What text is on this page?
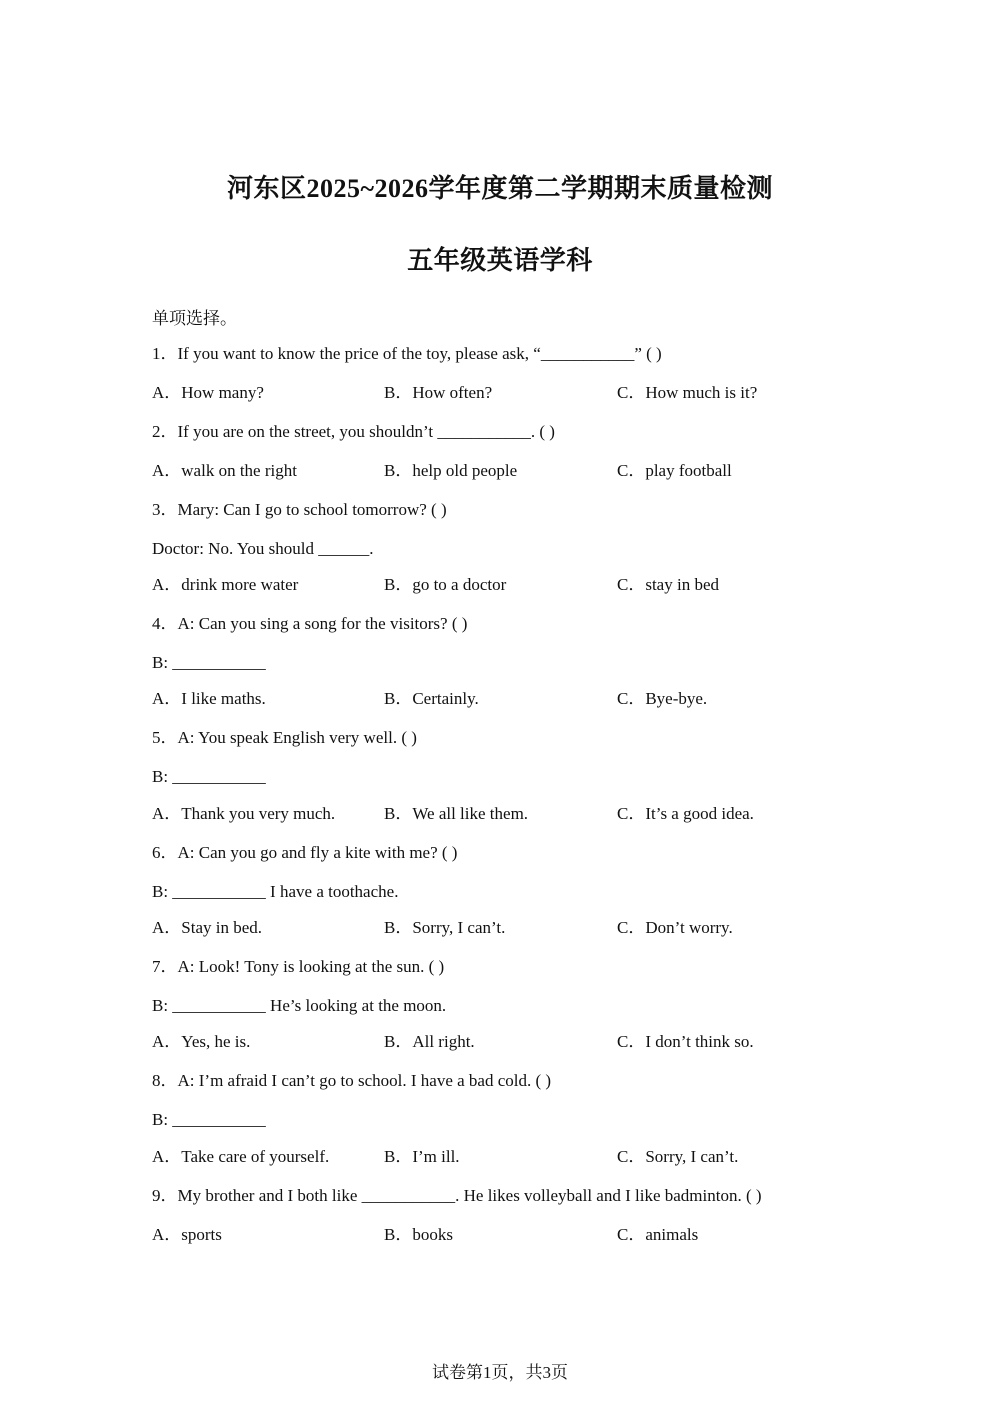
河东区2025~2026学年度第二学期期末质量检测
五年级英语学科
单项选择。
1．If you want to know the price of the toy, please ask, “___________” ( )
A．How many?	B．How often?	C．How much is it?
2．If you are on the street, you shouldn’t ___________. ( )
A．walk on the right	B．help old people	C．play football
3．Mary: Can I go to school tomorrow? ( )
Doctor: No. You should ______.
A．drink more water	B．go to a doctor	C．stay in bed
4．A: Can you sing a song for the visitors? ( )
B: ___________
A．I like maths.	B．Certainly.	C．Bye-bye.
5．A: You speak English very well. ( )
B: ___________
A．Thank you very much.	B．We all like them.	C．It’s a good idea.
6．A: Can you go and fly a kite with me? ( )
B: ___________ I have a toothache.
A．Stay in bed.	B．Sorry, I can’t.	C．Don’t worry.
7．A: Look! Tony is looking at the sun. ( )
B: ___________ He’s looking at the moon.
A．Yes, he is.	B．All right.	C．I don’t think so.
8．A: I’m afraid I can’t go to school. I have a bad cold. ( )
B: ___________
A．Take care of yourself.	B．I’m ill.	C．Sorry, I can’t.
9．My brother and I both like ___________. He likes volleyball and I like badminton. ( )
A．sports	B．books	C．animals
试卷第1页，共3页
